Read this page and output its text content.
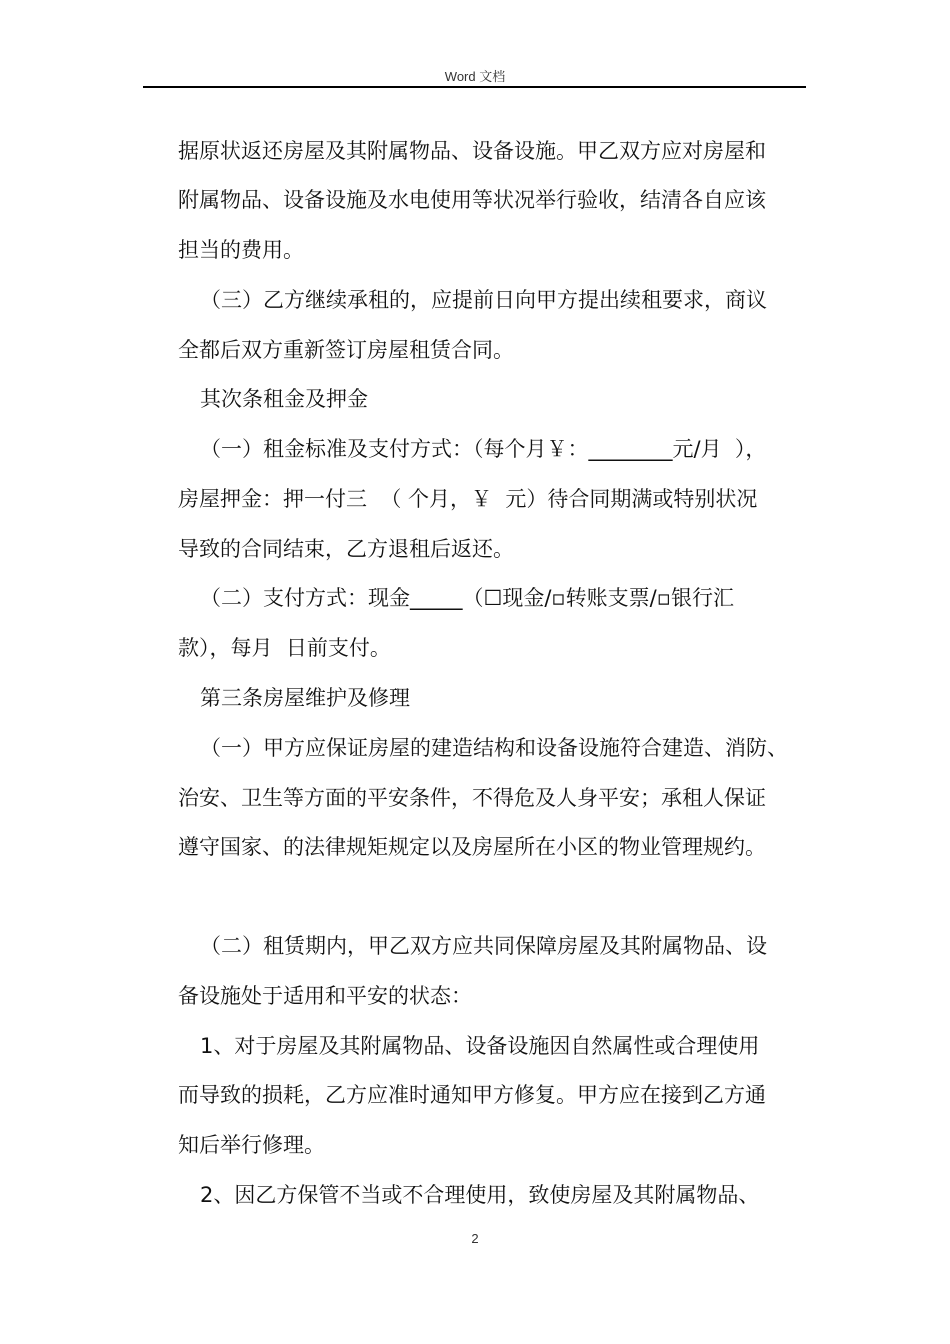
Word 文档
据原状返还房屋及其附属物品、设备设施。甲乙双方应对房屋和
附属物品、设备设施及水电使用等状况举行验收，结清各自应该
担当的费用。
（三）乙方继续承租的，应提前日向甲方提出续租要求，商议
全都后双方重新签订房屋租赁合同。
其次条租金及押金
（一）租金标准及支付方式：（每个月￥：________元/月  ），
房屋押金：押一付三  （ 个月，￥  元）待合同期满或特别状况
导致的合同结束，乙方退租后返还。
（二）支付方式：现金_____（☐现金/▫转账支票/▫银行汇
款），每月  日前支付。
第三条房屋维护及修理
（一）甲方应保证房屋的建造结构和设备设施符合建造、消防、
治安、卫生等方面的平安条件，不得危及人身平安；承租人保证
遵守国家、的法律规矩规定以及房屋所在小区的物业管理规约。
（二）租赁期内，甲乙双方应共同保障房屋及其附属物品、设
备设施处于适用和平安的状态：
1、对于房屋及其附属物品、设备设施因自然属性或合理使用
而导致的损耗，乙方应准时通知甲方修复。甲方应在接到乙方通
知后举行修理。
2、因乙方保管不当或不合理使用，致使房屋及其附属物品、
2
